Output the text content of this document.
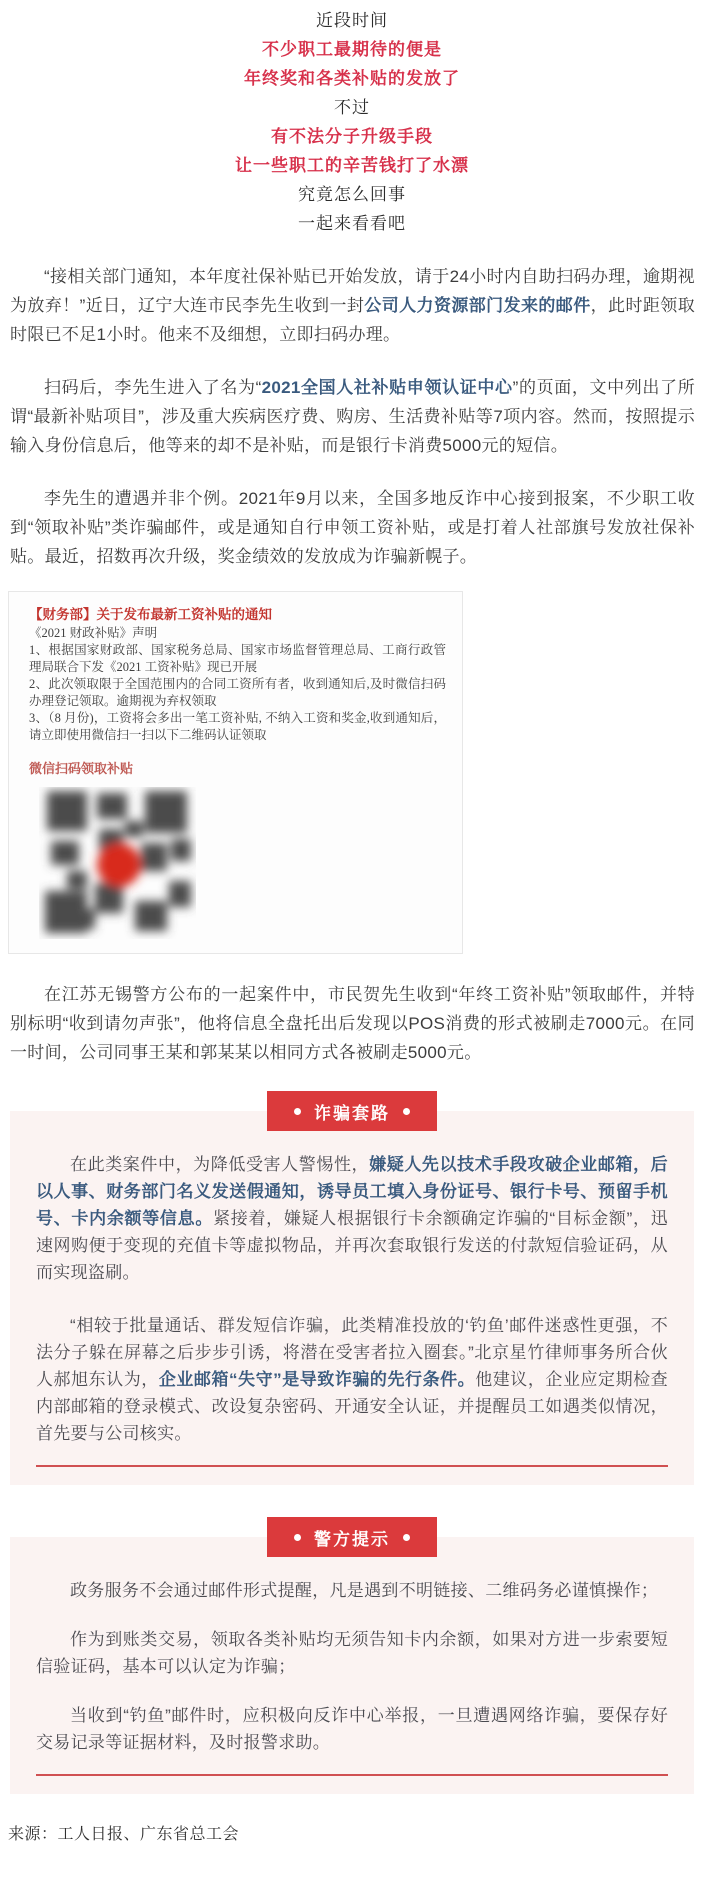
近段时间
不少职工最期待的便是
年终奖和各类补贴的发放了
不过
有不法分子升级手段
让一些职工的辛苦钱打了水漂
究竟怎么回事
一起来看看吧

“接相关部门通知，本年度社保补贴已开始发放，请于24小时内自助扫码办理，逾期视为放弃！”近日，辽宁大连市民李先生收到一封公司人力资源部门发来的邮件，此时距领取时限已不足1小时。他来不及细想，立即扫码办理。

扫码后，李先生进入了名为“2021全国人社补贴申领认证中心”的页面，文中列出了所谓“最新补贴项目”，涉及重大疾病医疗费、购房、生活费补贴等7项内容。然而，按照提示输入身份信息后，他等来的却不是补贴，而是银行卡消费5000元的短信。

李先生的遭遇并非个例。2021年9月以来，全国多地反诈中心接到报案，不少职工收到“领取补贴”类诈骗邮件，或是通知自行申领工资补贴，或是打着人社部旗号发放社保补贴。最近，招数再次升级，奖金绩效的发放成为诈骗新幌子。

【财务部】关于发布最新工资补贴的通知

《2021 财政补贴》声明

1、根据国家财政部、国家税务总局、国家市场监督管理总局、工商行政管理局联合下发《2021 工资补贴》现已开展

2、此次领取限于全国范围内的合同工资所有者，收到通知后,及时微信扫码办理登记领取。逾期视为弃权领取

3、（8 月份)，工资将会多出一笔工资补贴, 不纳入工资和奖金,收到通知后，请立即使用微信扫一扫以下二维码认证领取

微信扫码领取补贴

在江苏无锡警方公布的一起案件中，市民贺先生收到“年终工资补贴”领取邮件，并特别标明“收到请勿声张”，他将信息全盘托出后发现以POS消费的形式被刷走7000元。在同一时间，公司同事王某和郭某某以相同方式各被刷走5000元。

诈骗套路

在此类案件中，为降低受害人警惕性，嫌疑人先以技术手段攻破企业邮箱，后以人事、财务部门名义发送假通知，诱导员工填入身份证号、银行卡号、预留手机号、卡内余额等信息。紧接着，嫌疑人根据银行卡余额确定诈骗的“目标金额”，迅速网购便于变现的充值卡等虚拟物品，并再次套取银行发送的付款短信验证码，从而实现盗刷。

“相较于批量通话、群发短信诈骗，此类精准投放的‘钓鱼’邮件迷惑性更强，不法分子躲在屏幕之后步步引诱，将潜在受害者拉入圈套。”北京星竹律师事务所合伙人郝旭东认为，企业邮箱“失守”是导致诈骗的先行条件。他建议，企业应定期检查内部邮箱的登录模式、改设复杂密码、开通安全认证，并提醒员工如遇类似情况，首先要与公司核实。

警方提示

政务服务不会通过邮件形式提醒，凡是遇到不明链接、二维码务必谨慎操作；

作为到账类交易，领取各类补贴均无须告知卡内余额，如果对方进一步索要短信验证码，基本可以认定为诈骗；

当收到“钓鱼”邮件时，应积极向反诈中心举报，一旦遭遇网络诈骗，要保存好交易记录等证据材料，及时报警求助。

来源：工人日报、广东省总工会
